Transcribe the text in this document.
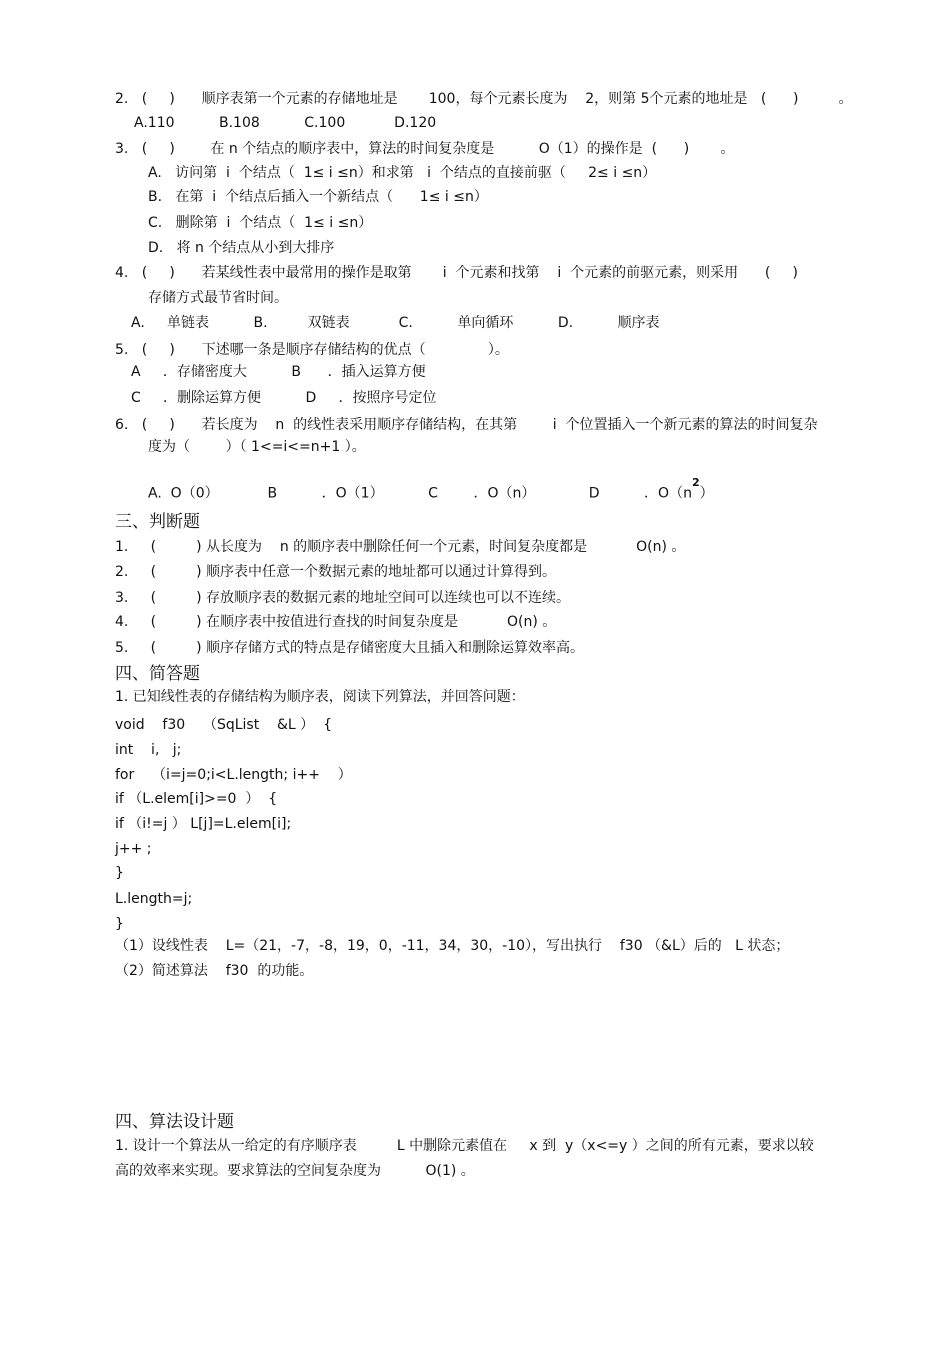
2.   (     )      顺序表第一个元素的存储地址是       100，每个元素长度为    2，则第 5个元素的地址是   (      )         。
A.110          B.108          C.100           D.120
3.   (     )        在 n 个结点的顺序表中，算法的时间复杂度是          O（1）的操作是  (      )       。
A.   访问第  i  个结点（  1≤ i ≤n）和求第   i  个结点的直接前驱（     2≤ i ≤n）
B.   在第  i  个结点后插入一个新结点（      1≤ i ≤n）
C.   删除第  i  个结点（  1≤ i ≤n）
D.   将 n 个结点从小到大排序
4.   (     )      若某线性表中最常用的操作是取第       i  个元素和找第    i  个元素的前驱元素，则采用      (     )
存储方式最节省时间。
A.     单链表          B.         双链表           C.          单向循环          D.          顺序表
5.   (     )      下述哪一条是顺序存储结构的优点（              ）。
A     ．存储密度大          B      ．插入运算方便
C     ．删除运算方便          D     ．按照序号定位
6.   (     )      若长度为    n  的线性表采用顺序存储结构，在其第        i  个位置插入一个新元素的算法的时间复杂
度为（        ）（ 1<=i<=n+1 ）。
A.  O（0）           B          ．O（1）          C        ．O（n）            D          ．$O(n^2)$
三、判断题
1.     (         ) 从长度为    n 的顺序表中删除任何一个元素，时间复杂度都是           O(n) 。
2.     (         ) 顺序表中任意一个数据元素的地址都可以通过计算得到。
3.     (         ) 存放顺序表的数据元素的地址空间可以连续也可以不连续。
4.     (         ) 在顺序表中按值进行查找的时间复杂度是           O(n) 。
5.     (         ) 顺序存储方式的特点是存储密度大且插入和删除运算效率高。
四、简答题
1. 已知线性表的存储结构为顺序表，阅读下列算法，并回答问题：
void    f30    （SqList    &L ）  {
int    i,   j;
for    （i=j=0;i<L.length; i++    ）
if （L.elem[i]>=0  ）  {
if （i!=j ） L[j]=L.elem[i];
j++ ;
}
L.length=j;
}
（1）设线性表    L=（21，-7，-8，19，0，-11，34，30，-10），写出执行    f30 （&L）后的   L 状态；
（2）简述算法    f30  的功能。
四、算法设计题
1. 设计一个算法从一给定的有序顺序表         L 中删除元素值在     x 到  y（x<=y ）之间的所有元素，要求以较
高的效率来实现。要求算法的空间复杂度为          O(1) 。
